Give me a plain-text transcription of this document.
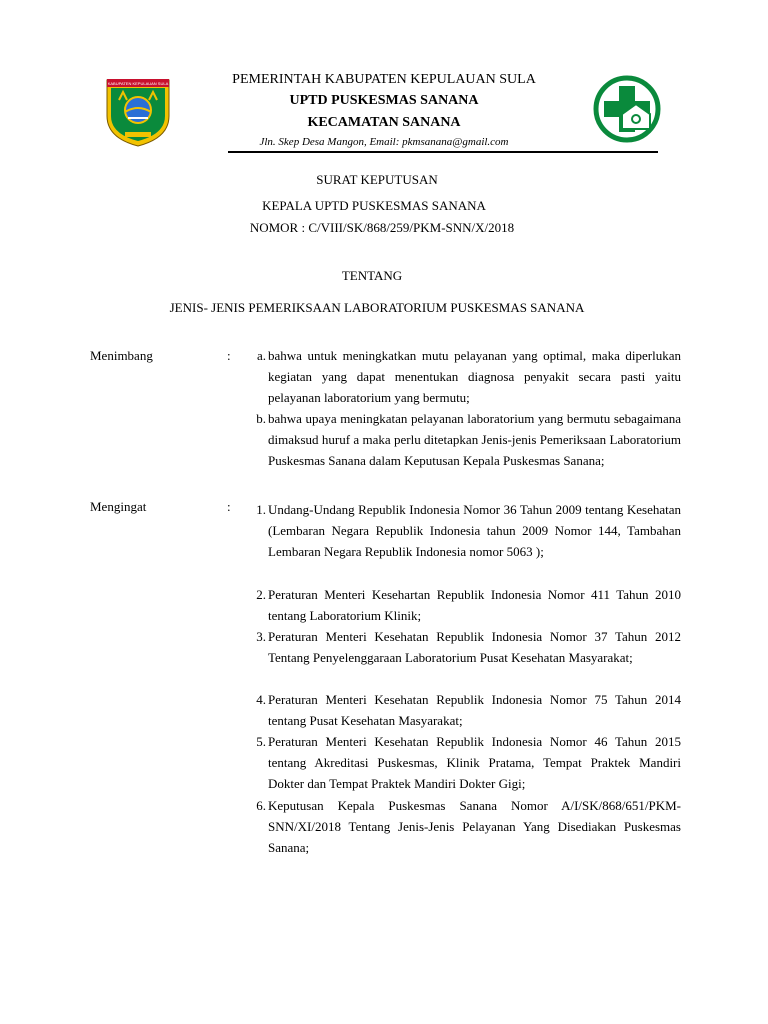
KABUPATEN KEPULAUAN SULA	PEMERINTAH KABUPATEN KEPULAUAN SULA
UPTD PUSKESMAS SANANA
KECAMATAN SANANA
Jln. Skep Desa Mangon, Email: pkmsanana@gmail.com
SURAT KEPUTUSAN
KEPALA UPTD PUSKESMAS SANANA
NOMOR : C/VIII/SK/868/259/PKM-SNN/X/2018
TENTANG
JENIS- JENIS PEMERIKSAAN LABORATORIUM PUSKESMAS SANANA
Menimbang	:	a. bahwa untuk meningkatkan mutu pelayanan yang optimal, maka diperlukan kegiatan yang dapat menentukan diagnosa penyakit secara pasti yaitu pelayanan laboratorium yang bermutu;
b. bahwa upaya meningkatan pelayanan laboratorium yang bermutu sebagaimana dimaksud huruf a maka perlu ditetapkan Jenis-jenis Pemeriksaan Laboratorium Puskesmas Sanana dalam Keputusan Kepala Puskesmas Sanana;
Mengingat	:	1. Undang-Undang Republik Indonesia Nomor 36 Tahun 2009 tentang Kesehatan (Lembaran Negara Republik Indonesia tahun 2009 Nomor 144, Tambahan Lembaran Negara Republik Indonesia nomor 5063 );
2. Peraturan Menteri Kesehartan Republik Indonesia Nomor 411 Tahun 2010 tentang Laboratorium Klinik;
3. Peraturan Menteri Kesehatan Republik Indonesia Nomor 37 Tahun 2012 Tentang Penyelenggaraan Laboratorium Pusat Kesehatan Masyarakat;
4. Peraturan Menteri Kesehatan Republik Indonesia Nomor 75 Tahun 2014 tentang Pusat Kesehatan Masyarakat;
5. Peraturan Menteri Kesehatan Republik Indonesia Nomor 46 Tahun 2015 tentang Akreditasi Puskesmas, Klinik Pratama, Tempat Praktek Mandiri Dokter dan Tempat Praktek Mandiri Dokter Gigi;
6. Keputusan Kepala Puskesmas Sanana Nomor A/I/SK/868/651/PKM-SNN/XI/2018 Tentang Jenis-Jenis Pelayanan Yang Disediakan Puskesmas Sanana;
